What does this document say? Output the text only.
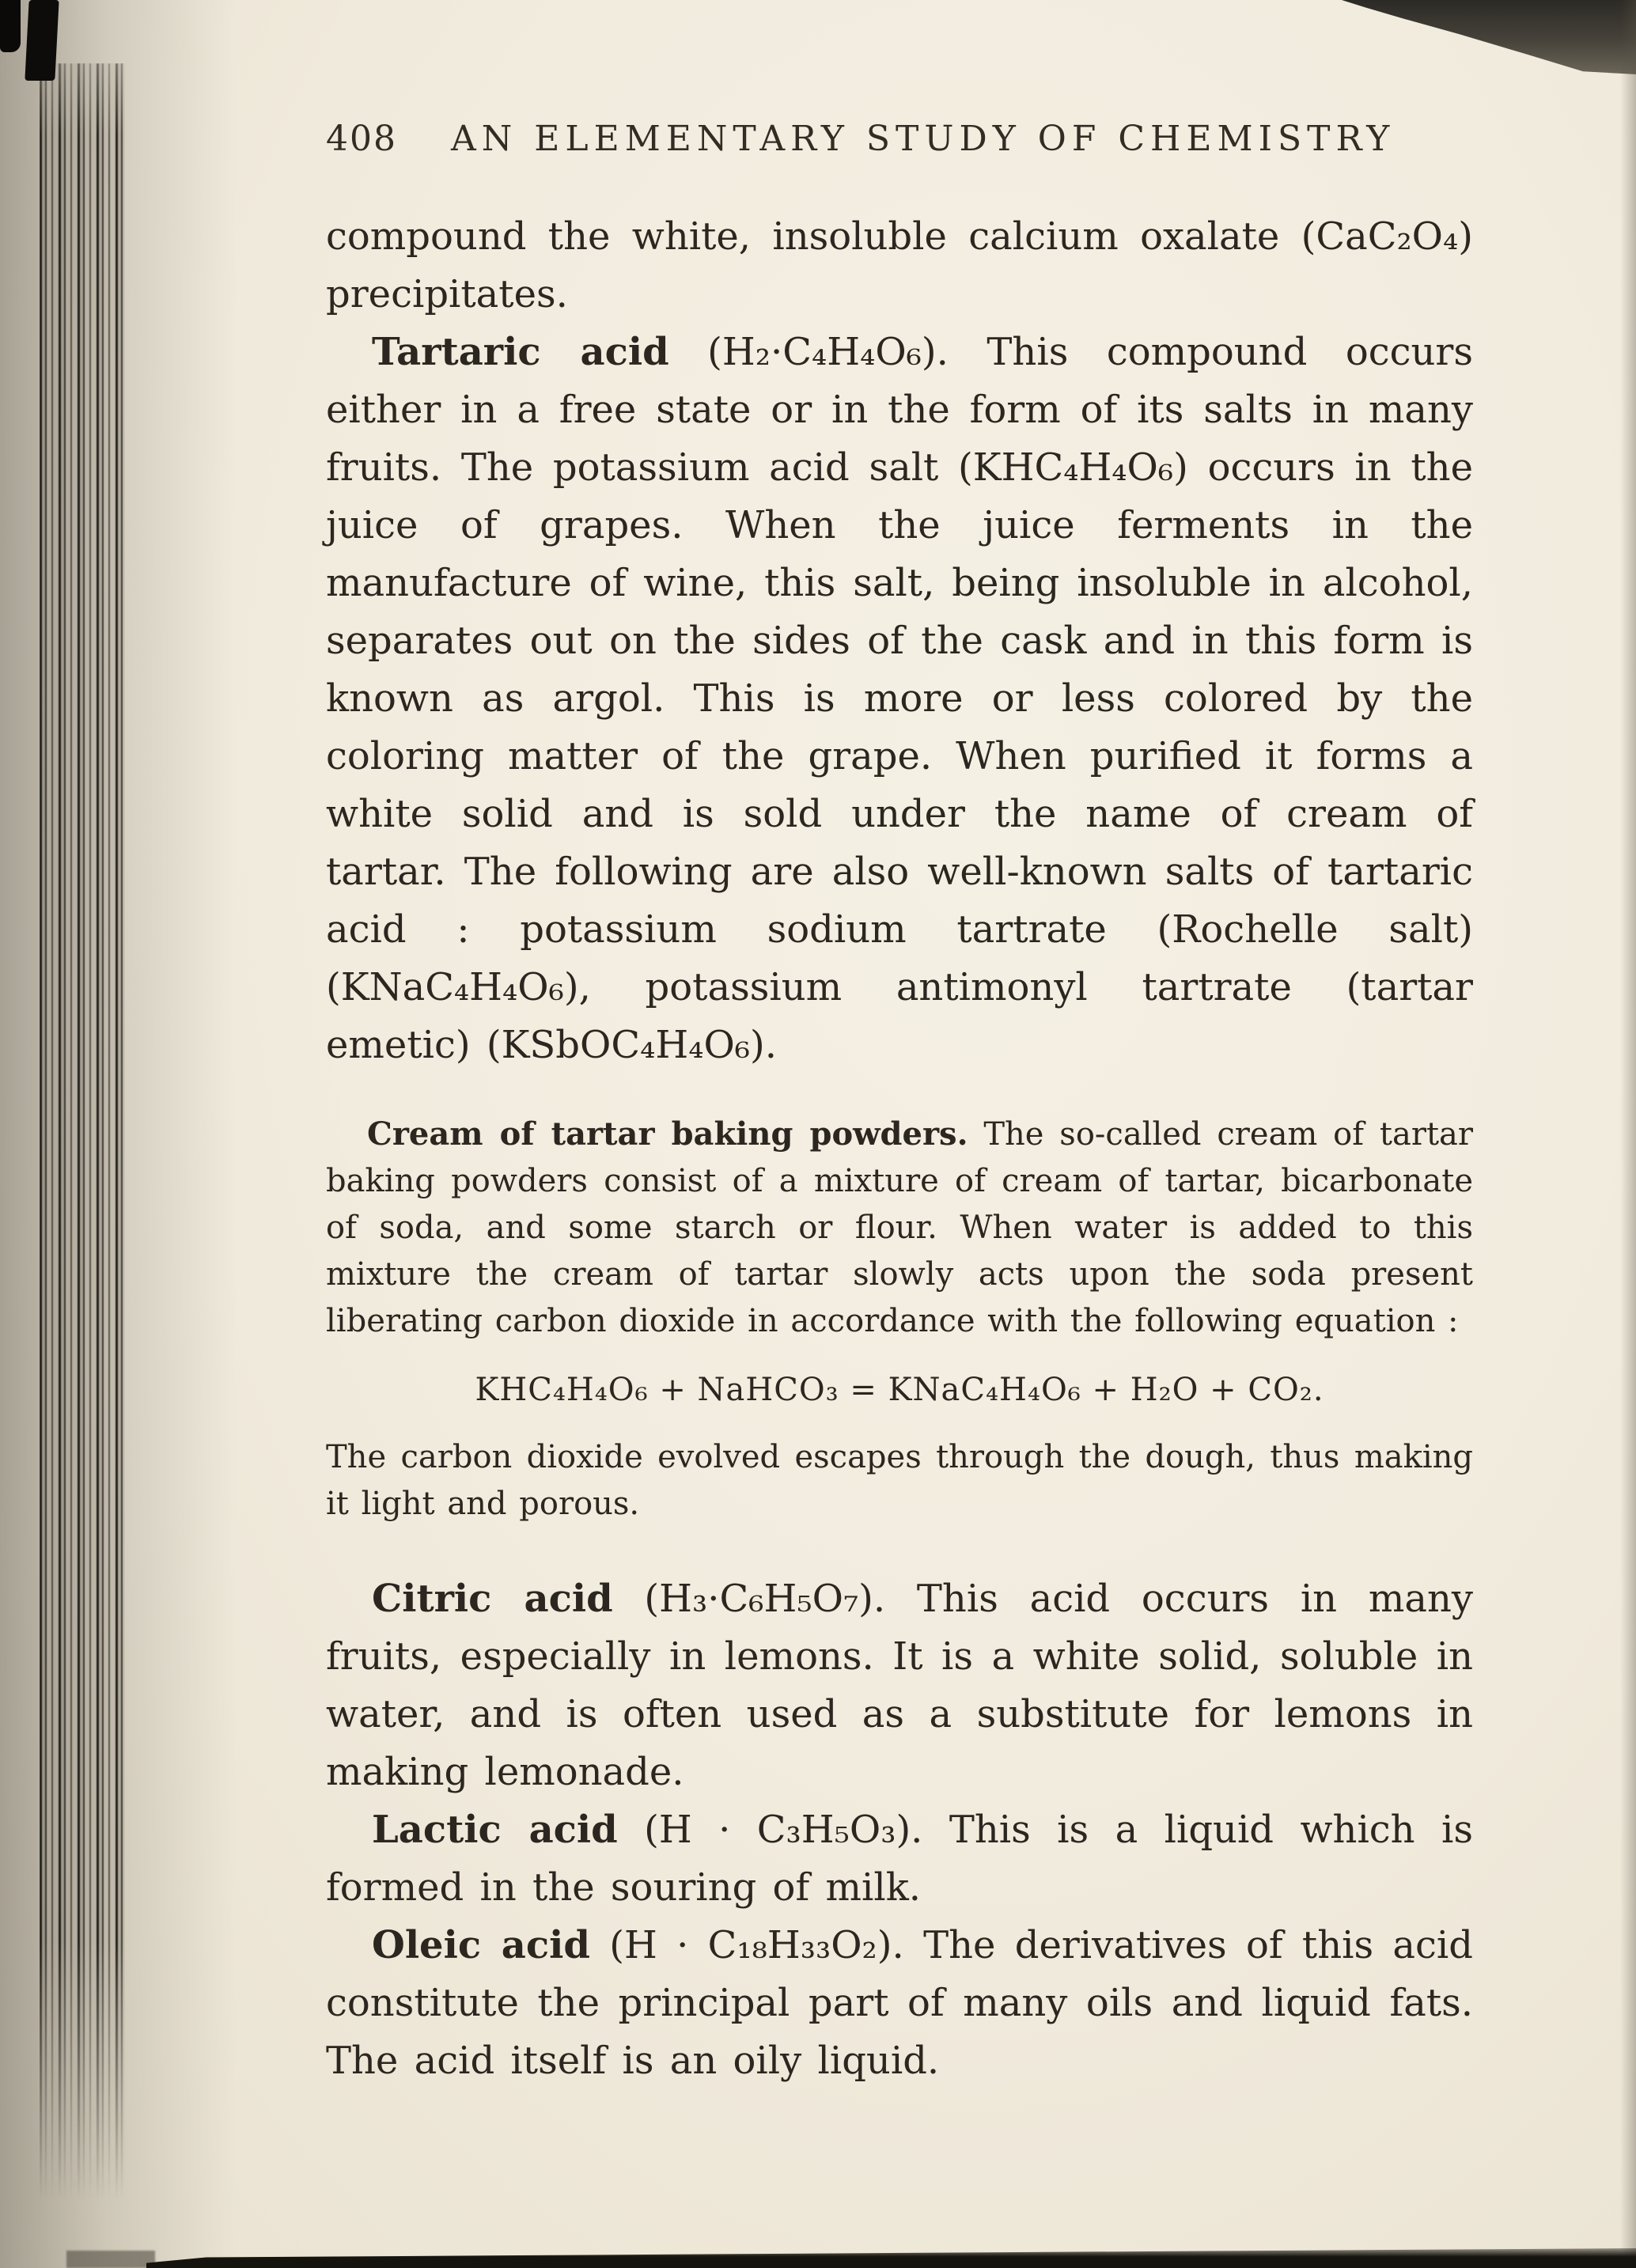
408 AN ELEMENTARY STUDY OF CHEMISTRY

compound the white, insoluble calcium oxalate (CaC₂O₄) precipitates.

Tartaric acid (H₂·C₄H₄O₆). This compound occurs either in a free state or in the form of its salts in many fruits. The potassium acid salt (KHC₄H₄O₆) occurs in the juice of grapes. When the juice ferments in the manufacture of wine, this salt, being insoluble in alcohol, separates out on the sides of the cask and in this form is known as argol. This is more or less colored by the coloring matter of the grape. When purified it forms a white solid and is sold under the name of cream of tartar. The following are also well-known salts of tartaric acid : potassium sodium tartrate (Rochelle salt) (KNaC₄H₄O₆), potassium antimonyl tartrate (tartar emetic) (KSbOC₄H₄O₆).

Cream of tartar baking powders. The so-called cream of tartar baking powders consist of a mixture of cream of tartar, bicarbonate of soda, and some starch or flour. When water is added to this mixture the cream of tartar slowly acts upon the soda present liberating carbon dioxide in accordance with the following equation :

KHC₄H₄O₆ + NaHCO₃ = KNaC₄H₄O₆ + H₂O + CO₂.

The carbon dioxide evolved escapes through the dough, thus making it light and porous.

Citric acid (H₃·C₆H₅O₇). This acid occurs in many fruits, especially in lemons. It is a white solid, soluble in water, and is often used as a substitute for lemons in making lemonade.

Lactic acid (H · C₃H₅O₃). This is a liquid which is formed in the souring of milk.

Oleic acid (H · C₁₈H₃₃O₂). The derivatives of this acid constitute the principal part of many oils and liquid fats. The acid itself is an oily liquid.
